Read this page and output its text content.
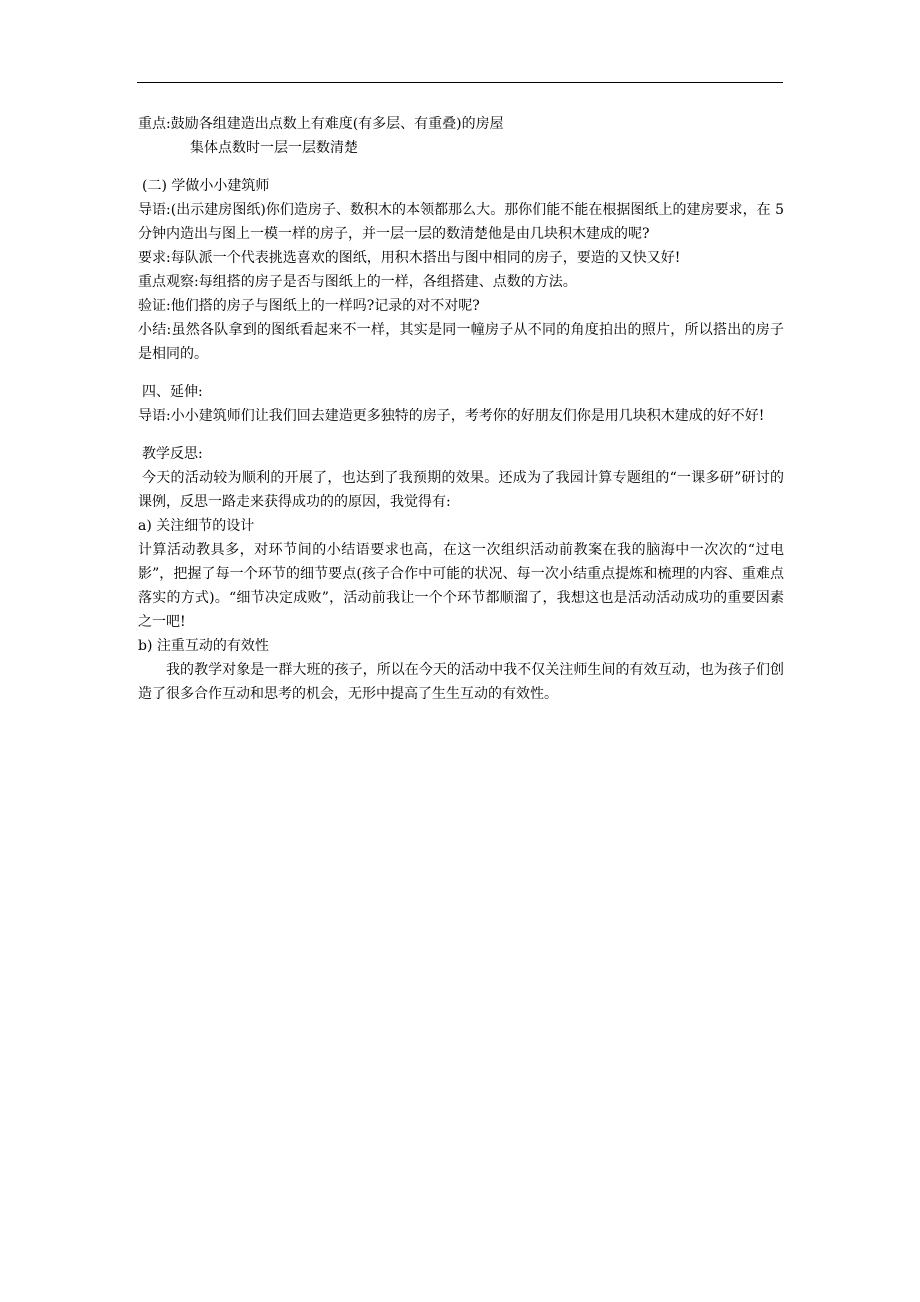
重点:鼓励各组建造出点数上有难度(有多层、有重叠)的房屋
集体点数时一层一层数清楚
(二) 学做小小建筑师
导语:(出示建房图纸)你们造房子、数积木的本领都那么大。那你们能不能在根据图纸上的建房要求，在 5 分钟内造出与图上一模一样的房子，并一层一层的数清楚他是由几块积木建成的呢?
要求:每队派一个代表挑选喜欢的图纸，用积木搭出与图中相同的房子，要造的又快又好!
重点观察:每组搭的房子是否与图纸上的一样，各组搭建、点数的方法。
验证:他们搭的房子与图纸上的一样吗?记录的对不对呢?
小结:虽然各队拿到的图纸看起来不一样，其实是同一幢房子从不同的角度拍出的照片，所以搭出的房子是相同的。
四、延伸:
导语:小小建筑师们让我们回去建造更多独特的房子，考考你的好朋友们你是用几块积木建成的好不好!
教学反思:
今天的活动较为顺利的开展了，也达到了我预期的效果。还成为了我园计算专题组的“一课多研”研讨的课例，反思一路走来获得成功的的原因，我觉得有:
a) 关注细节的设计
计算活动教具多，对环节间的小结语要求也高，在这一次组织活动前教案在我的脑海中一次次的“过电影”，把握了每一个环节的细节要点(孩子合作中可能的状况、每一次小结重点提炼和梳理的内容、重难点落实的方式)。“细节决定成败”，活动前我让一个个环节都顺溜了，我想这也是活动活动成功的重要因素之一吧!
b) 注重互动的有效性
我的教学对象是一群大班的孩子，所以在今天的活动中我不仅关注师生间的有效互动，也为孩子们创造了很多合作互动和思考的机会，无形中提高了生生互动的有效性。
